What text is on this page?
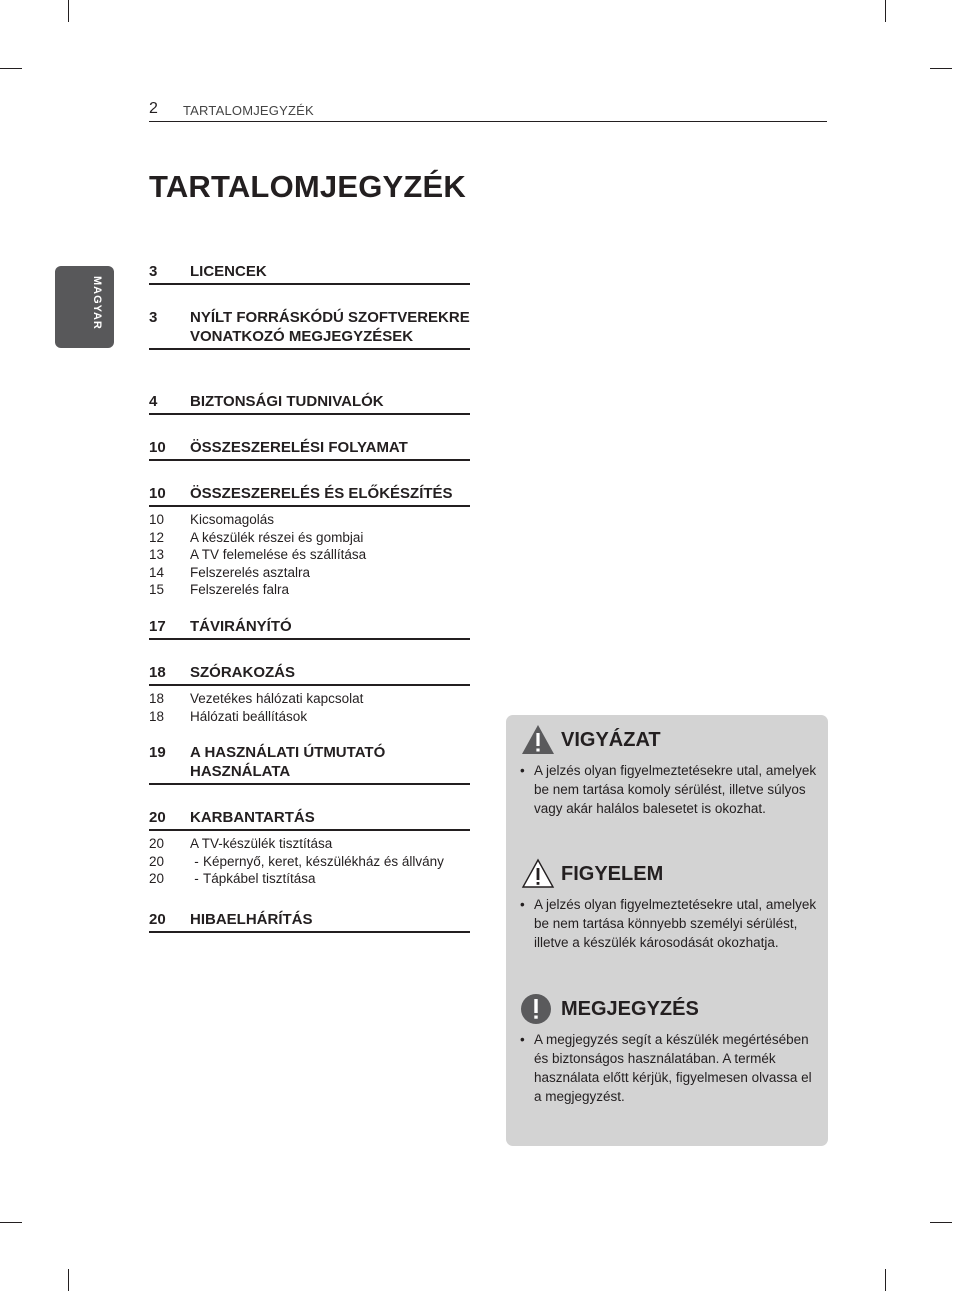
2 TARTALOMJEGYZÉK
TARTALOMJEGYZÉK
MAGYAR
3	LICENCEK
3	NYÍLT FORRÁSKÓDÚ SZOFTVEREKRE VONATKOZÓ MEGJEGYZÉSEK
4	BIZTONSÁGI TUDNIVALÓK
10	ÖSSZESZERELÉSI FOLYAMAT
10	ÖSSZESZERELÉS ÉS ELŐKÉSZÍTÉS
10	Kicsomagolás
12	A készülék részei és gombjai
13	A TV felemelése és szállítása
14	Felszerelés asztalra
15	Felszerelés falra
17	TÁVIRÁNYÍTÓ
18	SZÓRAKOZÁS
18	Vezetékes hálózati kapcsolat
18	Hálózati beállítások
19	A HASZNÁLATI ÚTMUTATÓ HASZNÁLATA
20	KARBANTARTÁS
20	A TV-készülék tisztítása
20	- Képernyő, keret, készülékház és állvány
20	- Tápkábel tisztítása
20	HIBAELHÁRÍTÁS
VIGYÁZAT
• A jelzés olyan figyelmeztetésekre utal, amelyek be nem tartása komoly sérülést, illetve súlyos vagy akár halálos balesetet is okozhat.
FIGYELEM
• A jelzés olyan figyelmeztetésekre utal, amelyek be nem tartása könnyebb személyi sérülést, illetve a készülék károsodását okozhatja.
MEGJEGYZÉS
• A megjegyzés segít a készülék megértésében és biztonságos használatában. A termék használata előtt kérjük, figyelmesen olvassa el a megjegyzést.
